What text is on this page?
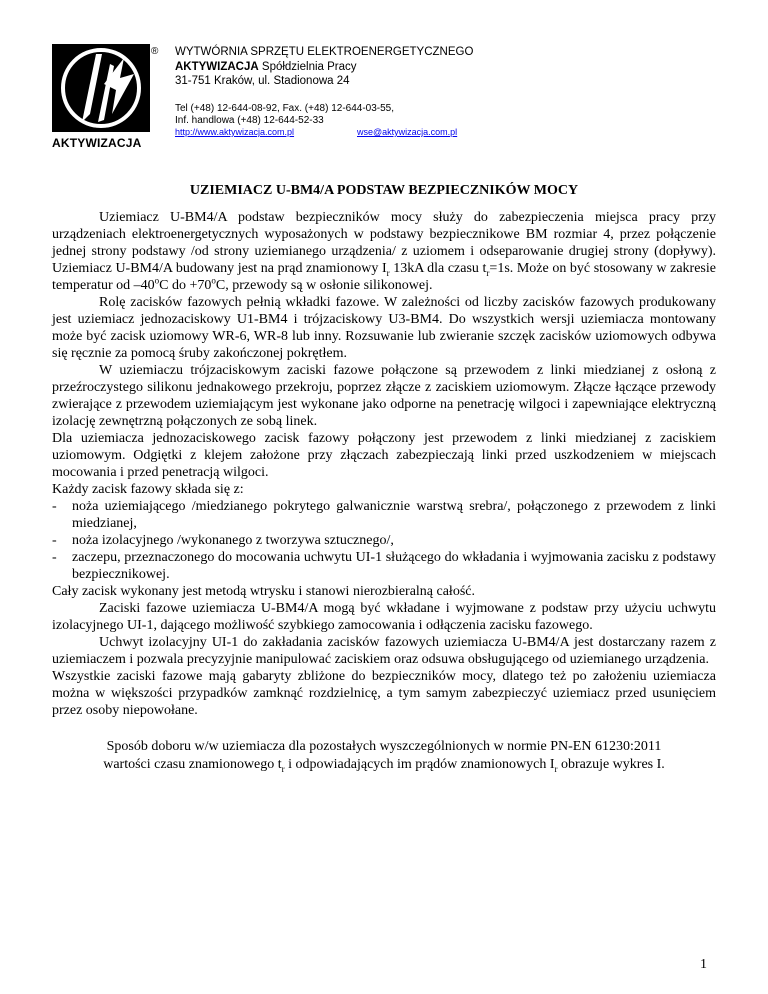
®
AKTYWIZACJA
WYTWÓRNIA SPRZĘTU ELEKTROENERGETYCZNEGO
AKTYWIZACJA Spółdzielnia Pracy
31-751 Kraków, ul. Stadionowa 24
Tel (+48) 12-644-08-92, Fax. (+48) 12-644-03-55,
Inf. handlowa (+48) 12-644-52-33
http://www.aktywizacja.com.pl	wse@aktywizacja.com.pl
UZIEMIACZ U-BM4/A PODSTAW BEZPIECZNIKÓW MOCY

Uziemiacz U-BM4/A podstaw bezpieczników mocy służy do zabezpieczenia miejsca pracy przy urządzeniach elektroenergetycznych wyposażonych w podstawy bezpiecznikowe BM rozmiar 4, przez połączenie jednej strony podstawy /od strony uziemianego urządzenia/ z uziomem i odseparowanie drugiej strony (dopływy). Uziemiacz U-BM4/A budowany jest na prąd znamionowy $I_r$ 13kA dla czasu $t_r=1s$. Może on być stosowany w zakresie temperatur od –40$^o$C do $+70^oC$, przewody są w osłonie silikonowej.

Rolę zacisków fazowych pełnią wkładki fazowe. W zależności od liczby zacisków fazowych produkowany jest uziemiacz jednozaciskowy U1-BM4 i trójzaciskowy U3-BM4. Do wszystkich wersji uziemiacza montowany może być zacisk uziomowy WR-6, WR-8 lub inny. Rozsuwanie lub zwieranie szczęk zacisków uziomowych odbywa się ręcznie za pomocą śruby zakończonej pokrętłem.

W uziemiaczu trójzaciskowym zaciski fazowe połączone są przewodem z linki miedzianej z osłoną z przeźroczystego silikonu jednakowego przekroju, poprzez złącze z zaciskiem uziomowym. Złącze łączące przewody zwierające z przewodem uziemiającym jest wykonane jako odporne na penetrację wilgoci i zapewniające elektryczną izolację zewnętrzną połączonych ze sobą linek.

Dla uziemiacza jednozaciskowego zacisk fazowy połączony jest przewodem z linki miedzianej z zaciskiem uziomowym. Odgiętki z klejem założone przy złączach zabezpieczają linki przed uszkodzeniem w miejscach mocowania i przed penetracją wilgoci.

Każdy zacisk fazowy składa się z:

- noża uziemiającego /miedzianego pokrytego galwanicznie warstwą srebra/, połączonego z przewodem z linki miedzianej,
- noża izolacyjnego /wykonanego z tworzywa sztucznego/,
- zaczepu, przeznaczonego do mocowania uchwytu UI-1 służącego do wkładania i wyjmowania zacisku z podstawy bezpiecznikowej.

Cały zacisk wykonany jest metodą wtrysku i stanowi nierozbieralną całość.

Zaciski fazowe uziemiacza U-BM4/A mogą być wkładane i wyjmowane z podstaw przy użyciu uchwytu izolacyjnego UI-1, dającego możliwość szybkiego zamocowania i odłączenia zacisku fazowego.

Uchwyt izolacyjny UI-1 do zakładania zacisków fazowych uziemiacza U-BM4/A jest dostarczany razem z uziemiaczem i pozwala precyzyjnie manipulować zaciskiem oraz odsuwa obsługującego od uziemianego urządzenia.

Wszystkie zaciski fazowe mają gabaryty zbliżone do bezpieczników mocy, dlatego też po założeniu uziemiacza można w większości przypadków zamknąć rozdzielnicę, a tym samym zabezpieczyć uziemiacz przed usunięciem przez osoby niepowołane.

Sposób doboru w/w uziemiacza dla pozostałych wyszczególnionych w normie PN-EN 61230:2011
wartości czasu znamionowego $t_r$ i odpowiadających im prądów znamionowych $I_r$ obrazuje wykres I.
1
